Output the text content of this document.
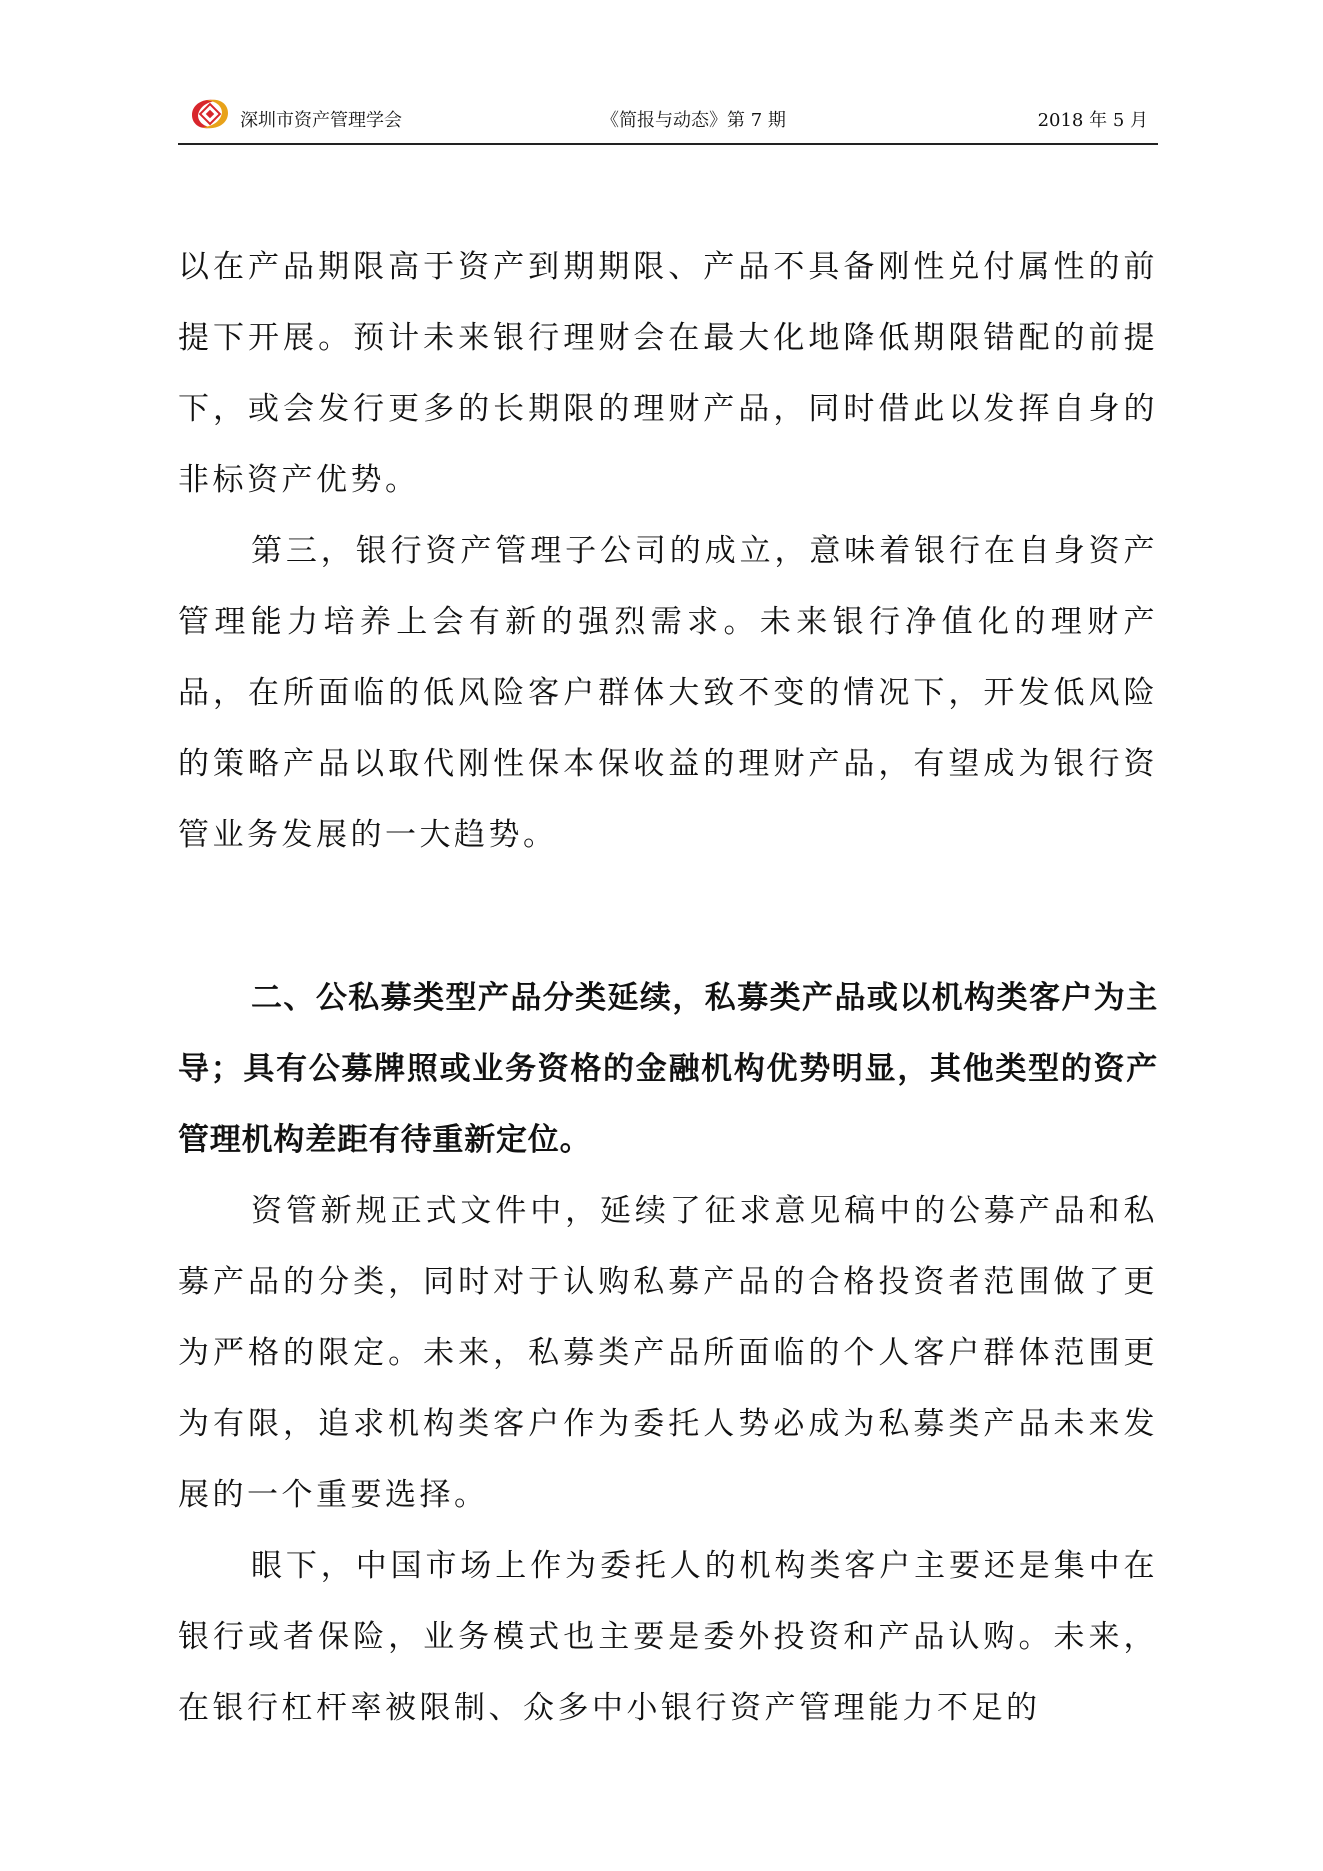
深圳市资产管理学会	《简报与动态》第 7 期	2018 年 5 月

以在产品期限高于资产到期期限、产品不具备刚性兑付属性的前提下开展。预计未来银行理财会在最大化地降低期限错配的前提下，或会发行更多的长期限的理财产品，同时借此以发挥自身的非标资产优势。

第三，银行资产管理子公司的成立，意味着银行在自身资产管理能力培养上会有新的强烈需求。未来银行净值化的理财产品，在所面临的低风险客户群体大致不变的情况下，开发低风险的策略产品以取代刚性保本保收益的理财产品，有望成为银行资管业务发展的一大趋势。

二、公私募类型产品分类延续，私募类产品或以机构类客户为主导；具有公募牌照或业务资格的金融机构优势明显，其他类型的资产管理机构差距有待重新定位。

资管新规正式文件中，延续了征求意见稿中的公募产品和私募产品的分类，同时对于认购私募产品的合格投资者范围做了更为严格的限定。未来，私募类产品所面临的个人客户群体范围更为有限，追求机构类客户作为委托人势必成为私募类产品未来发展的一个重要选择。

眼下，中国市场上作为委托人的机构类客户主要还是集中在银行或者保险，业务模式也主要是委外投资和产品认购。未来，在银行杠杆率被限制、众多中小银行资产管理能力不足的
